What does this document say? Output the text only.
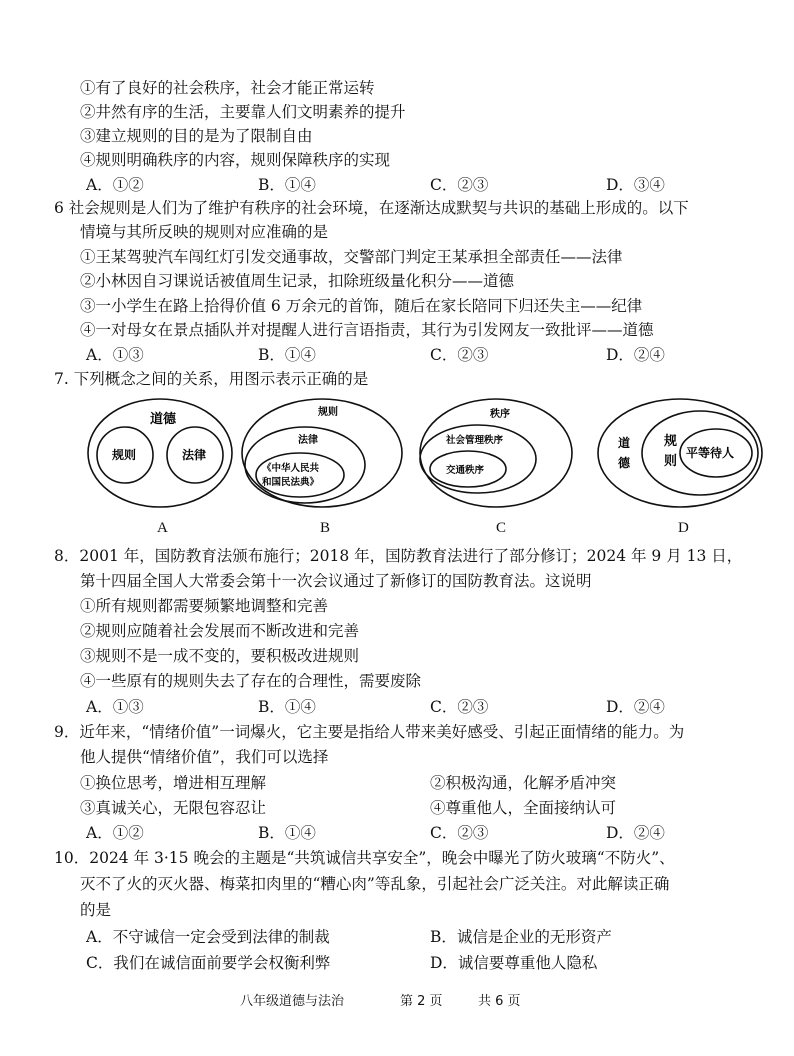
①有了良好的社会秩序，社会才能正常运转
②井然有序的生活，主要靠人们文明素养的提升
③建立规则的目的是为了限制自由
④规则明确秩序的内容，规则保障秩序的实现
A．①②	B．①④	C．②③	D．③④
6 社会规则是人们为了维护有秩序的社会环境，在逐渐达成默契与共识的基础上形成的。以下
情境与其所反映的规则对应准确的是
①王某驾驶汽车闯红灯引发交通事故，交警部门判定王某承担全部责任——法律
②小林因自习课说话被值周生记录，扣除班级量化积分——道德
③一小学生在路上拾得价值 6 万余元的首饰，随后在家长陪同下归还失主——纪律
④一对母女在景点插队并对提醒人进行言语指责，其行为引发网友一致批评——道德
A．①③	B．①④	C．②③	D．②④
7. 下列概念之间的关系，用图示表示正确的是
道德
规则	法律
规则
法律
《中华人民共
和国民法典》
秩序
社会管理秩序
交通秩序
道
德
规
则
平等待人
A	B	C	D
8．2001 年，国防教育法颁布施行；2018 年，国防教育法进行了部分修订；2024 年 9 月 13 日，
第十四届全国人大常委会第十一次会议通过了新修订的国防教育法。这说明
①所有规则都需要频繁地调整和完善
②规则应随着社会发展而不断改进和完善
③规则不是一成不变的，要积极改进规则
④一些原有的规则失去了存在的合理性，需要废除
A．①③	B．①④	C．②③	D．②④
9．近年来，“情绪价值”一词爆火，它主要是指给人带来美好感受、引起正面情绪的能力。为
他人提供“情绪价值”，我们可以选择
①换位思考，增进相互理解	②积极沟通，化解矛盾冲突
③真诚关心，无限包容忍让	④尊重他人，全面接纳认可
A．①②	B．①④	C．②③	D．②④
10．2024 年 3·15 晚会的主题是“共筑诚信共享安全”，晚会中曝光了防火玻璃“不防火”、
灭不了火的灭火器、梅菜扣肉里的“糟心肉”等乱象，引起社会广泛关注。对此解读正确
的是
A．不守诚信一定会受到法律的制裁	B．诚信是企业的无形资产
C．我们在诚信面前要学会权衡利弊	D．诚信要尊重他人隐私
八年级道德与法治	第 2 页	共 6 页
